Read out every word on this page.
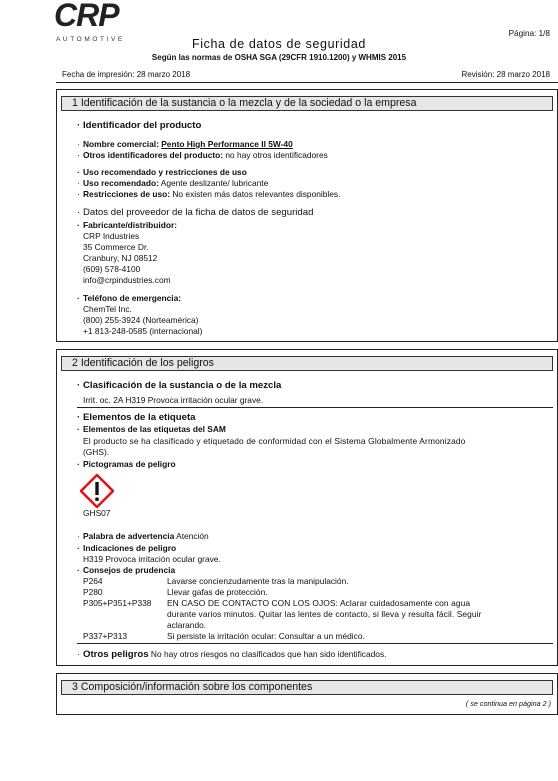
CRP
AUTOMOTIVE
Página: 1/8
Ficha de datos de seguridad
Según las normas de OSHA SGA (29CFR 1910.1200) y WHMIS 2015
Fecha de impresión: 28 marzo 2018	Revisión: 28 marzo 2018
1 Identificación de la sustancia o la mezcla y de la sociedad o la empresa
· Identificador del producto
· Nombre comercial: Pento High Performance II 5W-40
· Otros identificadores del producto: no hay otros identificadores
· Uso recomendado y restricciones de uso
· Uso recomendado: Agente deslizante/ lubricante
· Restricciones de uso: No existen más datos relevantes disponibles.
· Datos del proveedor de la ficha de datos de seguridad
· Fabricante/distribuidor:
CRP Industries
35 Commerce Dr.
Cranbury, NJ 08512
(609) 578-4100
info@crpindustries.com
· Teléfono de emergencia:
ChemTel Inc.
(800) 255-3924 (Norteamérica)
+1 813-248-0585 (internacional)
2 Identificación de los peligros
· Clasificación de la sustancia o de la mezcla
Irrit. oc. 2A H319 Provoca irritación ocular grave.
· Elementos de la etiqueta
· Elementos de las etiquetas del SAM
El producto se ha clasificado y etiquetado de conformidad con el Sistema Globalmente Armonizado
(GHS).
· Pictogramas de peligro
GHS07
· Palabra de advertencia Atención
· Indicaciones de peligro
H319 Provoca irritación ocular grave.
· Consejos de prudencia
P264	Lavarse concienzudamente tras la manipulación.
P280	Llevar gafas de protección.
P305+P351+P338 EN CASO DE CONTACTO CON LOS OJOS: Aclarar cuidadosamente con agua
durante varios minutos. Quitar las lentes de contacto, si lleva y resulta fácil. Seguir
aclarando.
P337+P313	Si persiste la irritación ocular: Consultar a un médico.
· Otros peligros No hay otros riesgos no clasificados que han sido identificados.
3 Composición/información sobre los componentes
( se continua en página 2 )
